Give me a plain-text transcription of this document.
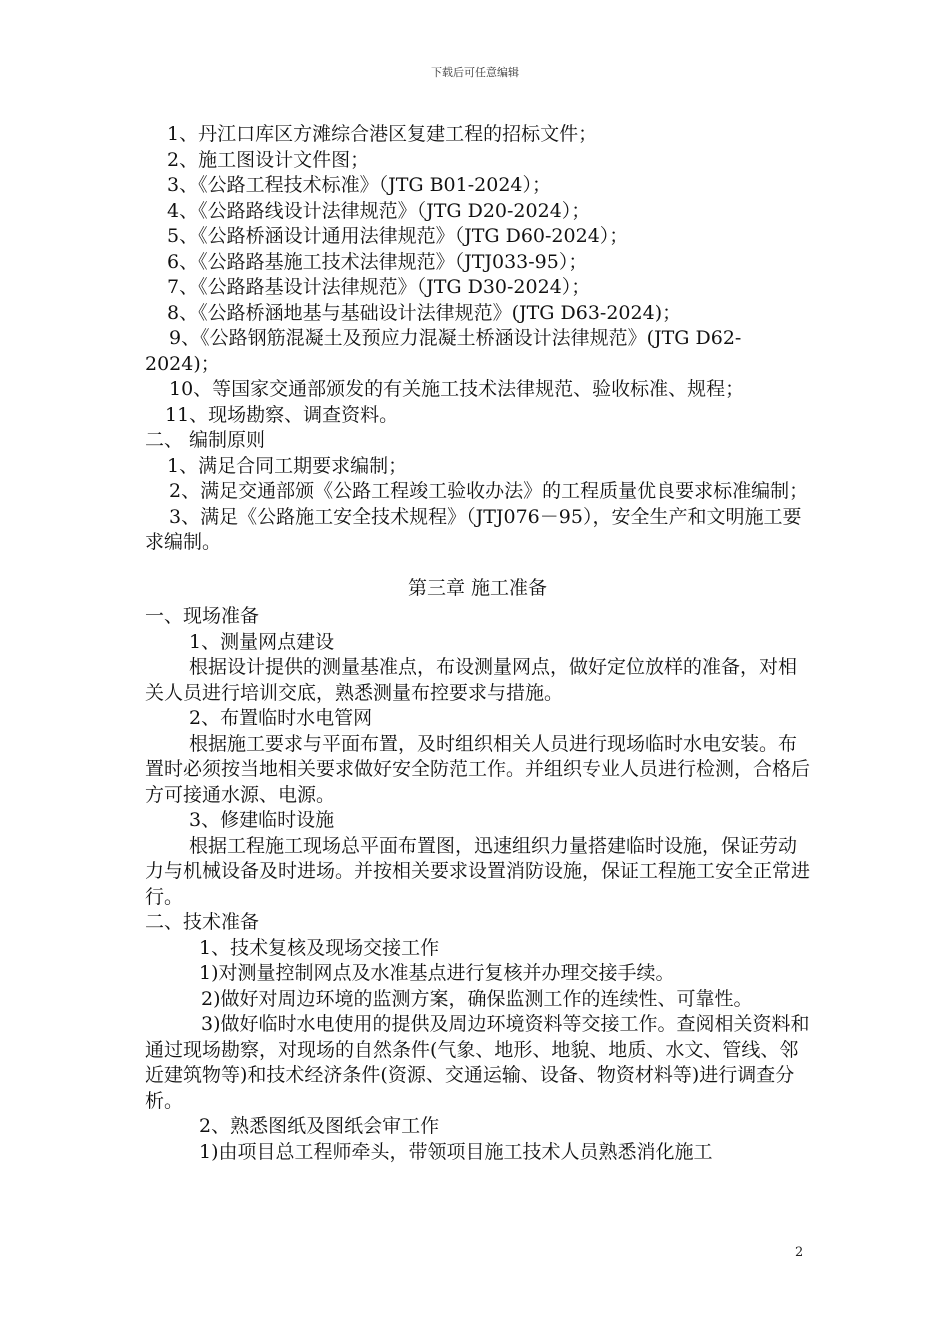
下载后可任意编辑

1、丹江口库区方滩综合港区复建工程的招标文件；

2、施工图设计文件图；

3、《公路工程技术标准》（JTG B01-2024）；

4、《公路路线设计法律规范》（JTG D20-2024）；

5、《公路桥涵设计通用法律规范》（JTG D60-2024）；

6、《公路路基施工技术法律规范》（JTJ033-95）；

7、《公路路基设计法律规范》（JTG D30-2024）；

8、《公路桥涵地基与基础设计法律规范》(JTG D63-2024)；

9、《公路钢筋混凝土及预应力混凝土桥涵设计法律规范》(JTG D62-2024)；

10、等国家交通部颁发的有关施工技术法律规范、验收标准、规程；

11、现场勘察、调查资料。

二、 编制原则

1、满足合同工期要求编制；

2、满足交通部颁《公路工程竣工验收办法》的工程质量优良要求标准编制；

3、满足《公路施工安全技术规程》（JTJ076－95），安全生产和文明施工要求编制。

第三章 施工准备

一、现场准备

1、测量网点建设

根据设计提供的测量基准点，布设测量网点，做好定位放样的准备，对相关人员进行培训交底，熟悉测量布控要求与措施。

2、布置临时水电管网

根据施工要求与平面布置，及时组织相关人员进行现场临时水电安装。布置时必须按当地相关要求做好安全防范工作。并组织专业人员进行检测，合格后方可接通水源、电源。

3、修建临时设施

根据工程施工现场总平面布置图，迅速组织力量搭建临时设施，保证劳动力与机械设备及时进场。并按相关要求设置消防设施，保证工程施工安全正常进行。

二、技术准备

1、技术复核及现场交接工作

1)对测量控制网点及水准基点进行复核并办理交接手续。

2)做好对周边环境的监测方案，确保监测工作的连续性、可靠性。

3)做好临时水电使用的提供及周边环境资料等交接工作。查阅相关资料和通过现场勘察，对现场的自然条件(气象、地形、地貌、地质、水文、管线、邻近建筑物等)和技术经济条件(资源、交通运输、设备、物资材料等)进行调查分析。

2、熟悉图纸及图纸会审工作

1)由项目总工程师牵头，带领项目施工技术人员熟悉消化施工

2
